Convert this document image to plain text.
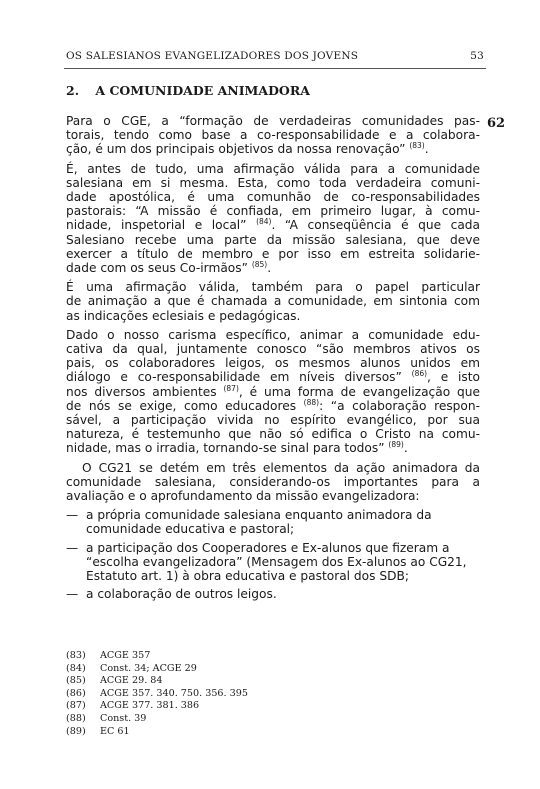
OS SALESIANOS EVANGELIZADORES DOS JOVENS	53
2. A COMUNIDADE ANIMADORA
62

Para o CGE, a “formação de verdadeiras comunidades pas-
torais, tendo como base a co-responsabilidade e a colabora-
ção, é um dos principais objetivos da nossa renovação” $^{(83)}$.

É, antes de tudo, uma afirmação válida para a comunidade
salesiana em si mesma. Esta, como toda verdadeira comuni-
dade apostólica, é uma comunhão de co-responsabilidades
pastorais: “A missão é confiada, em primeiro lugar, à comu-
nidade, inspetorial e local” $^{(84)}$. “A conseqüência é que cada
Salesiano recebe uma parte da missão salesiana, que deve
exercer a título de membro e por isso em estreita solidarie-
dade com os seus Co-irmãos” $^{(85)}$.

É uma afirmação válida, também para o papel particular
de animação a que é chamada a comunidade, em sintonia com
as indicações eclesiais e pedagógicas.

Dado o nosso carisma específico, animar a comunidade edu-
cativa da qual, juntamente conosco “são membros ativos os
pais, os colaboradores leigos, os mesmos alunos unidos em
diálogo e co-responsabilidade em níveis diversos” $^{(86)}$, e isto
nos diversos ambientes $^{(87)}$, é uma forma de evangelização que
de nós se exige, como educadores $^{(88)}$: “a colaboração respon-
sável, a participação vivida no espírito evangélico, por sua
natureza, é testemunho que não só edifica o Cristo na comu-
nidade, mas o irradia, tornando-se sinal para todos” $^{(89)}$.

O CG21 se detém em três elementos da ação animadora da
comunidade salesiana, considerando-os importantes para a
avaliação e o aprofundamento da missão evangelizadora:

— a própria comunidade salesiana enquanto animadora da comunidade educativa e pastoral;
— a participação dos Cooperadores e Ex-alunos que fizeram a “escolha evangelizadora” (Mensagem dos Ex-alunos ao CG21, Estatuto art. 1) à obra educativa e pastoral dos SDB;
— a colaboração de outros leigos.
(83)	ACGE 357
(84)	Const. 34; ACGE 29
(85)	ACGE 29. 84
(86)	ACGE 357. 340. 750. 356. 395
(87)	ACGE 377. 381. 386
(88)	Const. 39
(89)	EC 61
